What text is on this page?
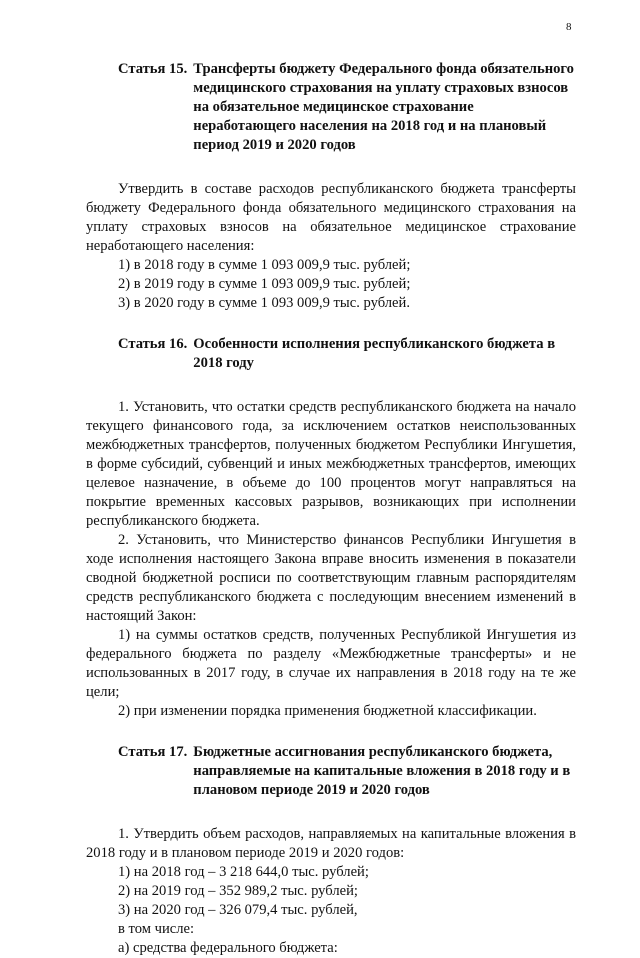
8
Статья 15. Трансферты бюджету Федерального фонда обязательного медицинского страхования на уплату страховых взносов на обязательное медицинское страхование неработающего населения на 2018 год и на плановый период 2019 и 2020 годов

Утвердить в составе расходов республиканского бюджета трансферты бюджету Федерального фонда обязательного медицинского страхования на уплату страховых взносов на обязательное медицинское страхование неработающего населения:

1) в 2018 году в сумме 1 093 009,9 тыс. рублей;

2) в 2019 году в сумме 1 093 009,9 тыс. рублей;

3) в 2020 году в сумме 1 093 009,9 тыс. рублей.

Статья 16. Особенности исполнения республиканского бюджета в 2018 году

1. Установить, что остатки средств республиканского бюджета на начало текущего финансового года, за исключением остатков неиспользованных межбюджетных трансфертов, полученных бюджетом Республики Ингушетия, в форме субсидий, субвенций и иных межбюджетных трансфертов, имеющих целевое назначение, в объеме до 100 процентов могут направляться на покрытие временных кассовых разрывов, возникающих при исполнении республиканского бюджета.

2. Установить, что Министерство финансов Республики Ингушетия в ходе исполнения настоящего Закона вправе вносить изменения в показатели сводной бюджетной росписи по соответствующим главным распорядителям средств республиканского бюджета с последующим внесением изменений в настоящий Закон:

1) на суммы остатков средств, полученных Республикой Ингушетия из федерального бюджета по разделу «Межбюджетные трансферты» и не использованных в 2017 году, в случае их направления в 2018 году на те же цели;

2) при изменении порядка применения бюджетной классификации.

Статья 17. Бюджетные ассигнования республиканского бюджета, направляемые на капитальные вложения в 2018 году и в плановом периоде 2019 и 2020 годов

1. Утвердить объем расходов, направляемых на капитальные вложения в 2018 году и в плановом периоде 2019 и 2020 годов:

1) на 2018 год – 3 218 644,0 тыс. рублей;

2) на 2019 год – 352 989,2 тыс. рублей;

3) на 2020 год – 326 079,4 тыс. рублей,

в том числе:

а) средства федерального бюджета:
